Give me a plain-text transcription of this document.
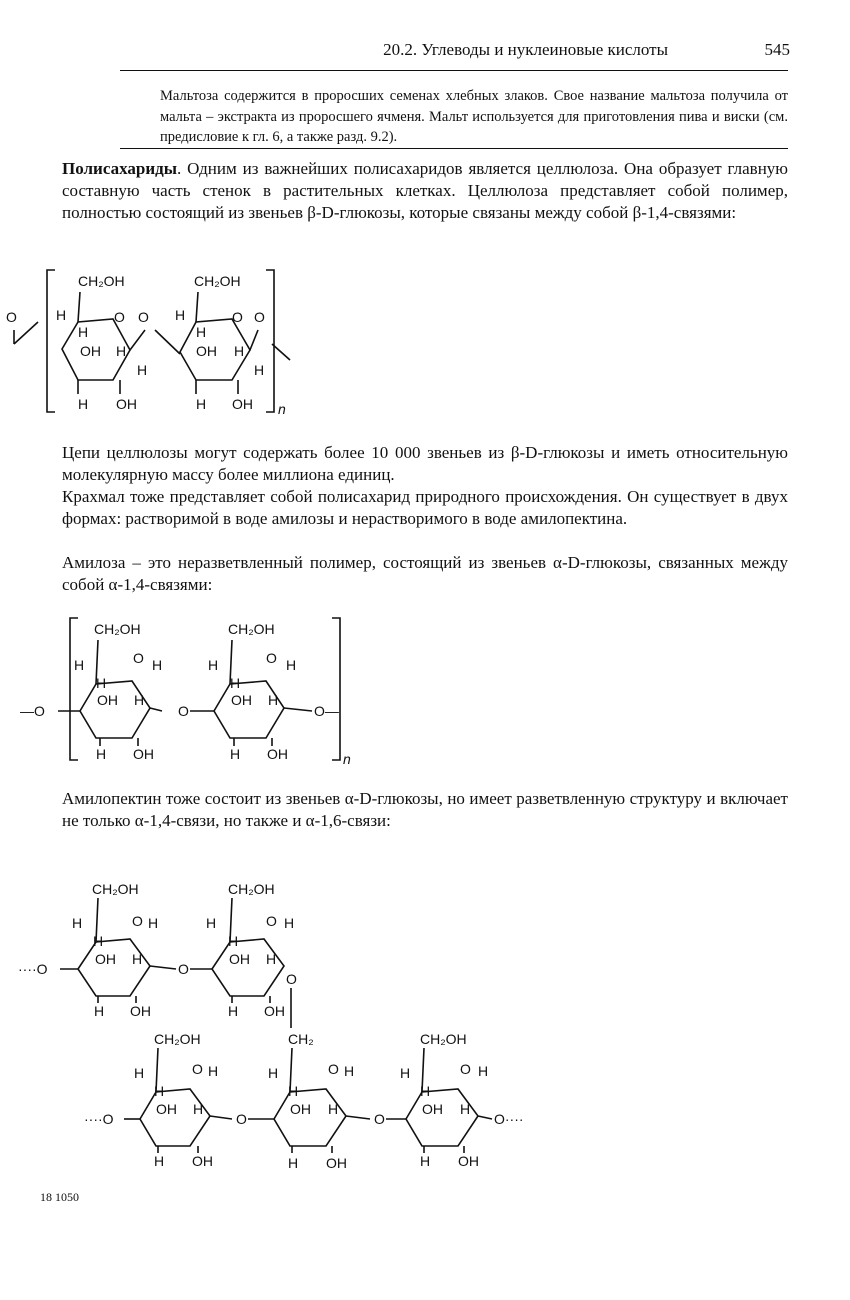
20.2. Углеводы и нуклеиновые кислоты	545
Мальтоза содержится в проросших семенах хлебных злаков. Свое название мальтоза получила от мальта – экстракта из проросшего ячменя. Мальт используется для приготовления пива и виски (см. предисловие к гл. 6, а также разд. 9.2).
Полисахариды. Одним из важнейших полисахаридов является целлюлоза. Она образует главную составную часть стенок в растительных клетках. Целлюлоза представляет собой полимер, полностью состоящий из звеньев β-D-глюкозы, которые связаны между собой β-1,4-связями:
n
O
CH₂OH
O
H
H
OH H
H
H OH
O
CH₂OH
O
H
H
OH H
H
H OH
O
Цепи целлюлозы могут содержать более 10 000 звеньев из β-D-глюкозы и иметь относительную молекулярную массу более миллиона единиц.
Крахмал тоже представляет собой полисахарид природного происхождения. Он существует в двух формах: растворимой в воде амилозы и нерастворимого в воде амилопектина.
Амилоза – это неразветвленный полимер, состоящий из звеньев α-D-глюкозы, связанных между собой α-1,4-связями:
n
—O
CH₂OH
O H
H
H
OH H
H OH
O
CH₂OH
O H
H
H
OH H
H OH
O—
Амилопектин тоже состоит из звеньев α-D-глюкозы, но имеет разветвленную структуру и включает не только α-1,4-связи, но также и α-1,6-связи:
····O
CH₂OH
O H
H
H
OH H
H OH
O
CH₂OH
O H
H
H
OH H
O
H OH
····O
CH₂OH
O H
H
H
OH H
H OH
O
CH₂
O H
H
H
OH H
H OH
O
CH₂OH
O H
H
H
OH H
H OH
O····
18 1050
